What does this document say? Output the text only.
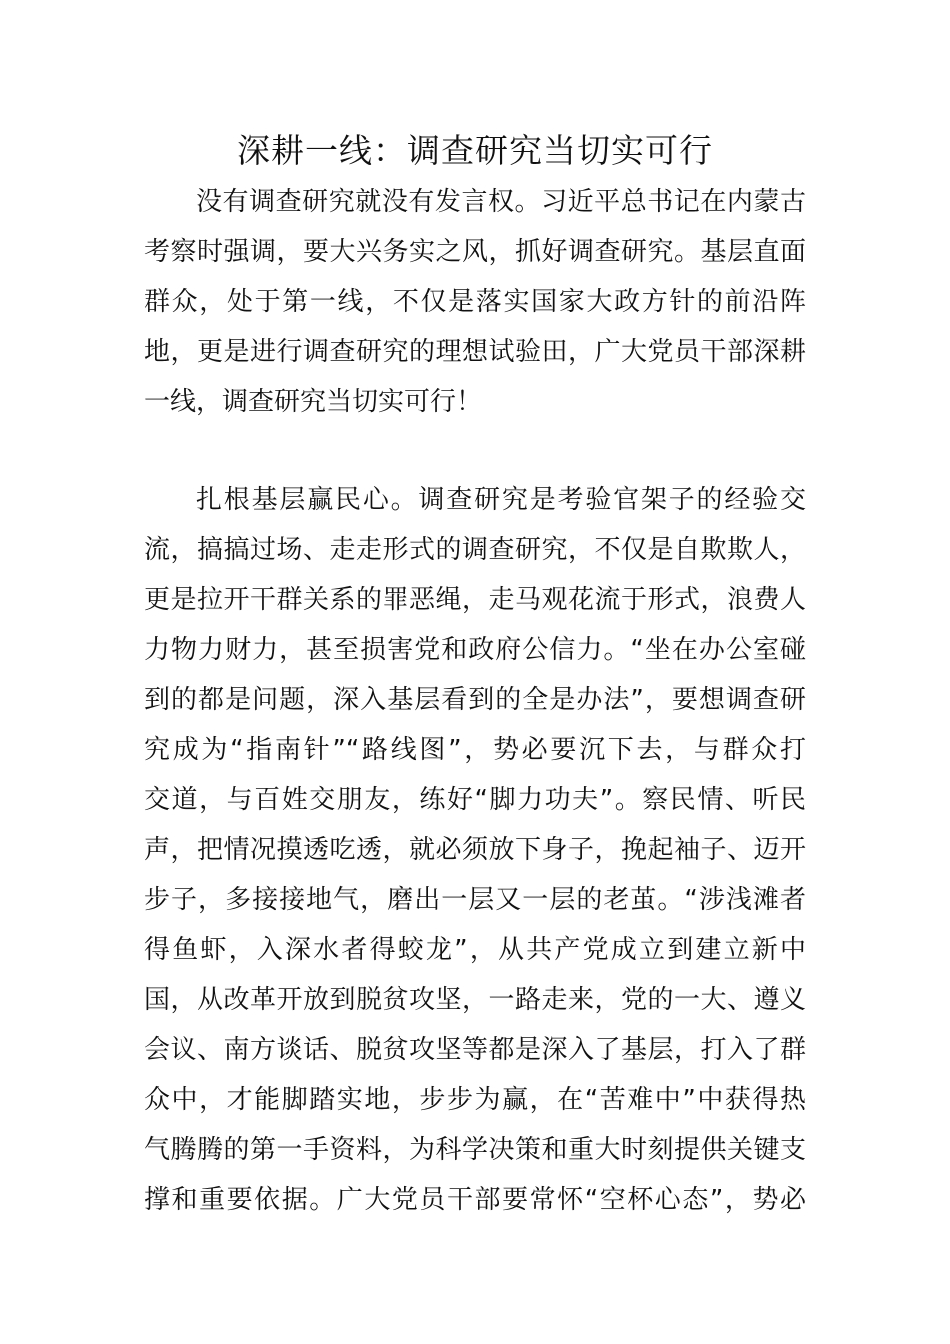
深耕一线：调查研究当切实可行
没有调查研究就没有发言权。习近平总书记在内蒙古
考察时强调，要大兴务实之风，抓好调查研究。基层直面
群众，处于第一线，不仅是落实国家大政方针的前沿阵
地，更是进行调查研究的理想试验田，广大党员干部深耕
一线，调查研究当切实可行！
扎根基层赢民心。调查研究是考验官架子的经验交
流，搞搞过场、走走形式的调查研究，不仅是自欺欺人，
更是拉开干群关系的罪恶绳，走马观花流于形式，浪费人
力物力财力，甚至损害党和政府公信力。“坐在办公室碰
到的都是问题，深入基层看到的全是办法”，要想调查研
究成为“指南针”“路线图”，势必要沉下去，与群众打
交道，与百姓交朋友，练好“脚力功夫”。察民情、听民
声，把情况摸透吃透，就必须放下身子，挽起袖子、迈开
步子，多接接地气，磨出一层又一层的老茧。“涉浅滩者
得鱼虾，入深水者得蛟龙”，从共产党成立到建立新中
国，从改革开放到脱贫攻坚，一路走来，党的一大、遵义
会议、南方谈话、脱贫攻坚等都是深入了基层，打入了群
众中，才能脚踏实地，步步为赢，在“苦难中”中获得热
气腾腾的第一手资料，为科学决策和重大时刻提供关键支
撑和重要依据。广大党员干部要常怀“空杯心态”，势必
